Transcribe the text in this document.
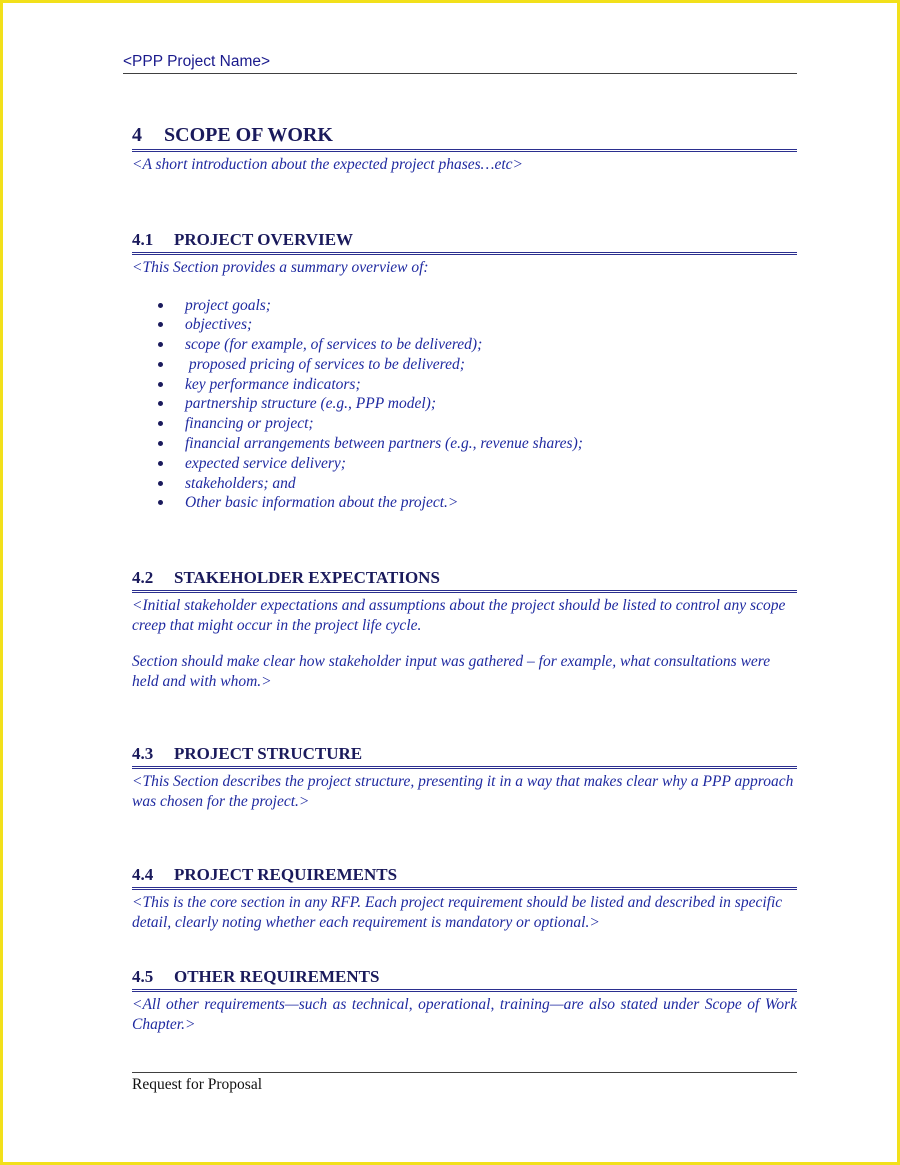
<PPP Project Name>
4	SCOPE OF WORK
<A short introduction about the expected project phases…etc>
4.1	PROJECT OVERVIEW
<This Section provides a summary overview of:
project goals;
objectives;
scope (for example, of services to be delivered);
proposed pricing of services to be delivered;
key performance indicators;
partnership structure (e.g., PPP model);
financing or project;
financial arrangements between partners (e.g., revenue shares);
expected service delivery;
stakeholders; and
Other basic information about the project.>
4.2	STAKEHOLDER EXPECTATIONS
<Initial stakeholder expectations and assumptions about the project should be listed to control any scope creep that might occur in the project life cycle.
Section should make clear how stakeholder input was gathered – for example, what consultations were held and with whom.>
4.3	PROJECT STRUCTURE
<This Section describes the project structure, presenting it in a way that makes clear why a PPP approach was chosen for the project.>
4.4	PROJECT REQUIREMENTS
<This is the core section in any RFP. Each project requirement should be listed and described in specific detail, clearly noting whether each requirement is mandatory or optional.>
4.5	OTHER REQUIREMENTS
<All other requirements—such as technical, operational, training—are also stated under Scope of Work Chapter.>
Request for Proposal
